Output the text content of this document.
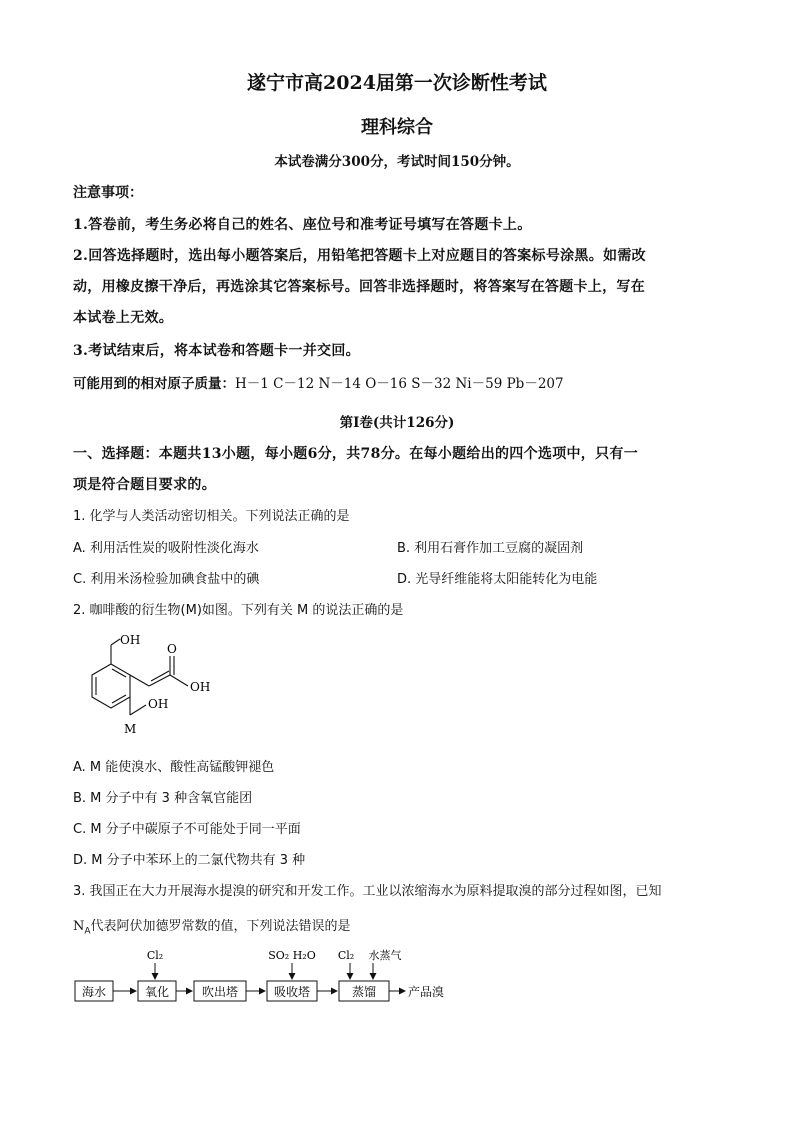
遂宁市高2024届第一次诊断性考试
理科综合
本试卷满分300分，考试时间150分钟。
注意事项：
1.答卷前，考生务必将自己的姓名、座位号和准考证号填写在答题卡上。
2.回答选择题时，选出每小题答案后，用铅笔把答题卡上对应题目的答案标号涂黑。如需改
动，用橡皮擦干净后，再选涂其它答案标号。回答非选择题时，将答案写在答题卡上，写在
本试卷上无效。
3.考试结束后，将本试卷和答题卡一并交回。
可能用到的相对原子质量：H－1 C－12 N－14 O－16 S－32 Ni－59 Pb－207
第Ⅰ卷(共计126分)
一、选择题：本题共13小题，每小题6分，共78分。在每小题给出的四个选项中，只有一
项是符合题目要求的。
1. 化学与人类活动密切相关。下列说法正确的是
A. 利用活性炭的吸附性淡化海水	B. 利用石膏作加工豆腐的凝固剂
C. 利用米汤检验加碘食盐中的碘	D. 光导纤维能将太阳能转化为电能
2. 咖啡酸的衍生物(M)如图。下列有关 M 的说法正确的是
OH
O
OH
OH
M
A. M 能使溴水、酸性高锰酸钾褪色
B. M 分子中有 3 种含氧官能团
C. M 分子中碳原子不可能处于同一平面
D. M 分子中苯环上的二氯代物共有 3 种
3. 我国正在大力开展海水提溴的研究和开发工作。工业以浓缩海水为原料提取溴的部分过程如图，已知
$N_A$代表阿伏加德罗常数的值，下列说法错误的是
海水	氧化	吹出塔	吸收塔	蒸馏
Cl₂	SO₂ H₂O Cl₂ 水蒸气
产品溴
